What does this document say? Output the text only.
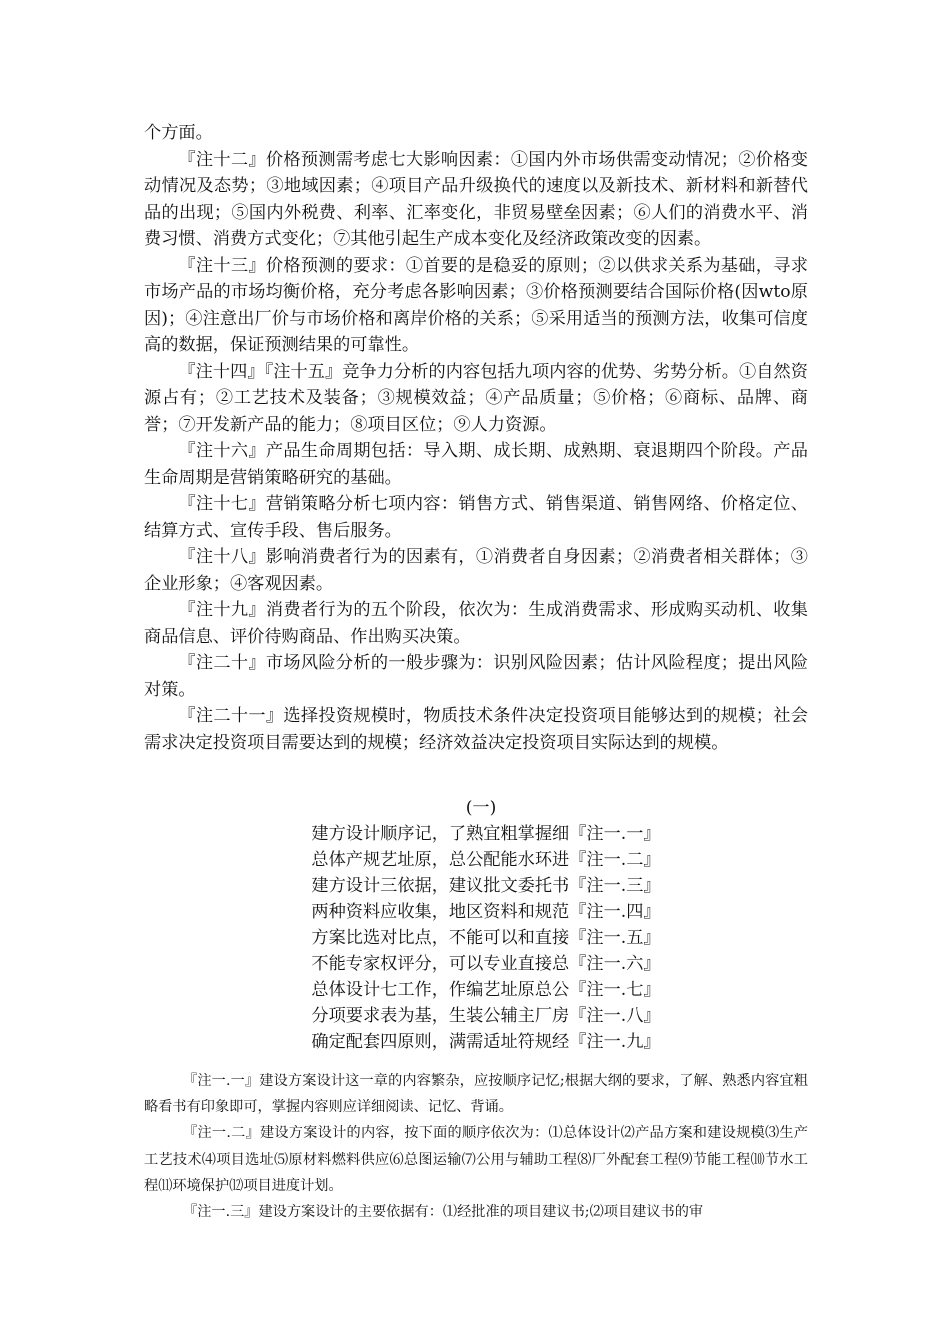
个方面。

『注十二』价格预测需考虑七大影响因素：①国内外市场供需变动情况；②价格变动情况及态势；③地域因素；④项目产品升级换代的速度以及新技术、新材料和新替代品的出现；⑤国内外税费、利率、汇率变化，非贸易壁垒因素；⑥人们的消费水平、消费习惯、消费方式变化；⑦其他引起生产成本变化及经济政策改变的因素。

『注十三』价格预测的要求：①首要的是稳妥的原则；②以供求关系为基础，寻求市场产品的市场均衡价格，充分考虑各影响因素；③价格预测要结合国际价格(因wto原因)；④注意出厂价与市场价格和离岸价格的关系；⑤采用适当的预测方法，收集可信度高的数据，保证预测结果的可靠性。

『注十四』『注十五』竞争力分析的内容包括九项内容的优势、劣势分析。①自然资源占有；②工艺技术及装备；③规模效益；④产品质量；⑤价格；⑥商标、品牌、商誉；⑦开发新产品的能力；⑧项目区位；⑨人力资源。

『注十六』产品生命周期包括：导入期、成长期、成熟期、衰退期四个阶段。产品生命周期是营销策略研究的基础。

『注十七』营销策略分析七项内容：销售方式、销售渠道、销售网络、价格定位、结算方式、宣传手段、售后服务。

『注十八』影响消费者行为的因素有，①消费者自身因素；②消费者相关群体；③企业形象；④客观因素。

『注十九』消费者行为的五个阶段，依次为：生成消费需求、形成购买动机、收集商品信息、评价待购商品、作出购买决策。

『注二十』市场风险分析的一般步骤为：识别风险因素；估计风险程度；提出风险对策。

『注二十一』选择投资规模时，物质技术条件决定投资项目能够达到的规模；社会需求决定投资项目需要达到的规模；经济效益决定投资项目实际达到的规模。

(一)

建方设计顺序记，了熟宜粗掌握细『注一.一』

总体产规艺址原，总公配能水环进『注一.二』

建方设计三依据，建议批文委托书『注一.三』

两种资料应收集，地区资料和规范『注一.四』

方案比选对比点，不能可以和直接『注一.五』

不能专家权评分，可以专业直接总『注一.六』

总体设计七工作，作编艺址原总公『注一.七』

分项要求表为基，生装公辅主厂房『注一.八』

确定配套四原则，满需适址符规经『注一.九』

『注一.一』建设方案设计这一章的内容繁杂，应按顺序记忆;根据大纲的要求，了解、熟悉内容宜粗略看书有印象即可，掌握内容则应详细阅读、记忆、背诵。

『注一.二』建设方案设计的内容，按下面的顺序依次为：⑴总体设计⑵产品方案和建设规模⑶生产工艺技术⑷项目选址⑸原材料燃料供应⑹总图运输⑺公用与辅助工程⑻厂外配套工程⑼节能工程⑽节水工程⑾环境保护⑿项目进度计划。

『注一.三』建设方案设计的主要依据有：⑴经批准的项目建议书;⑵项目建议书的审
